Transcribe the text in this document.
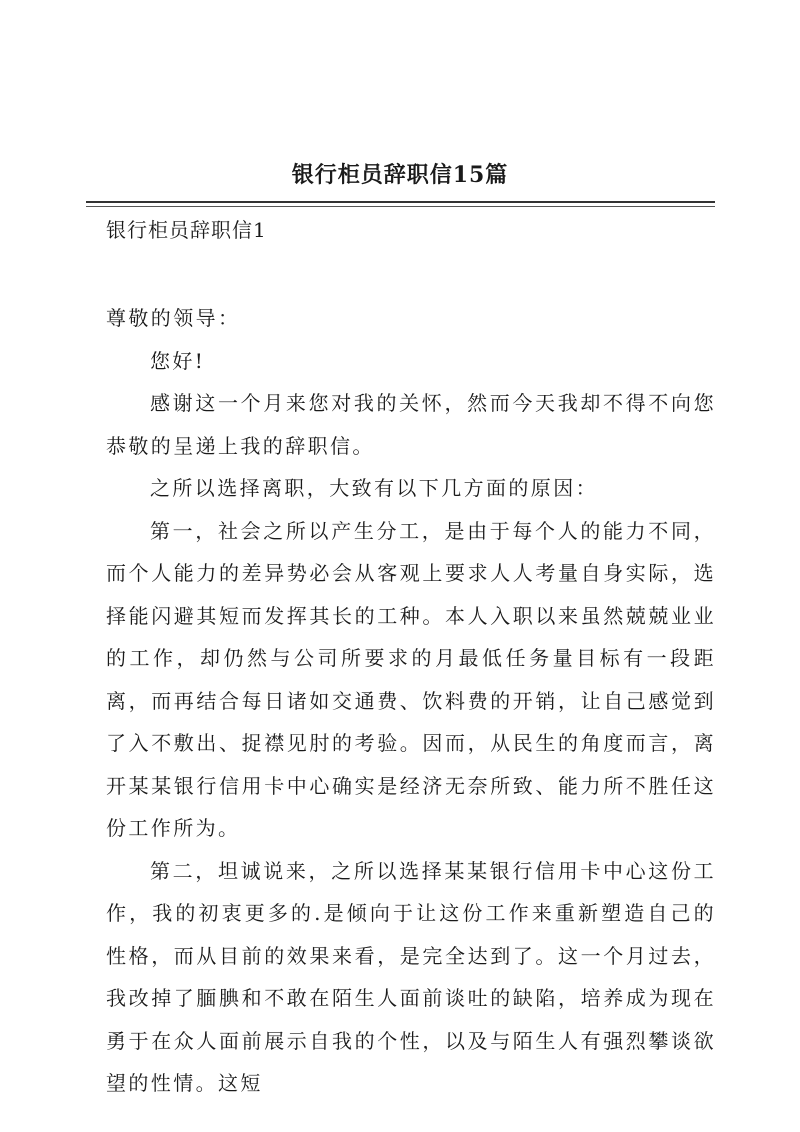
银行柜员辞职信15篇
银行柜员辞职信1

尊敬的领导：

您好!

感谢这一个月来您对我的关怀，然而今天我却不得不向您恭敬的呈递上我的辞职信。

之所以选择离职，大致有以下几方面的原因：

第一，社会之所以产生分工，是由于每个人的能力不同，而个人能力的差异势必会从客观上要求人人考量自身实际，选择能闪避其短而发挥其长的工种。本人入职以来虽然兢兢业业的工作，却仍然与公司所要求的月最低任务量目标有一段距离，而再结合每日诸如交通费、饮料费的开销，让自己感觉到了入不敷出、捉襟见肘的考验。因而，从民生的角度而言，离开某某银行信用卡中心确实是经济无奈所致、能力所不胜任这份工作所为。

第二，坦诚说来，之所以选择某某银行信用卡中心这份工作，我的初衷更多的.是倾向于让这份工作来重新塑造自己的性格，而从目前的效果来看，是完全达到了。这一个月过去，我改掉了腼腆和不敢在陌生人面前谈吐的缺陷，培养成为现在勇于在众人面前展示自我的个性，以及与陌生人有强烈攀谈欲望的性情。这短
